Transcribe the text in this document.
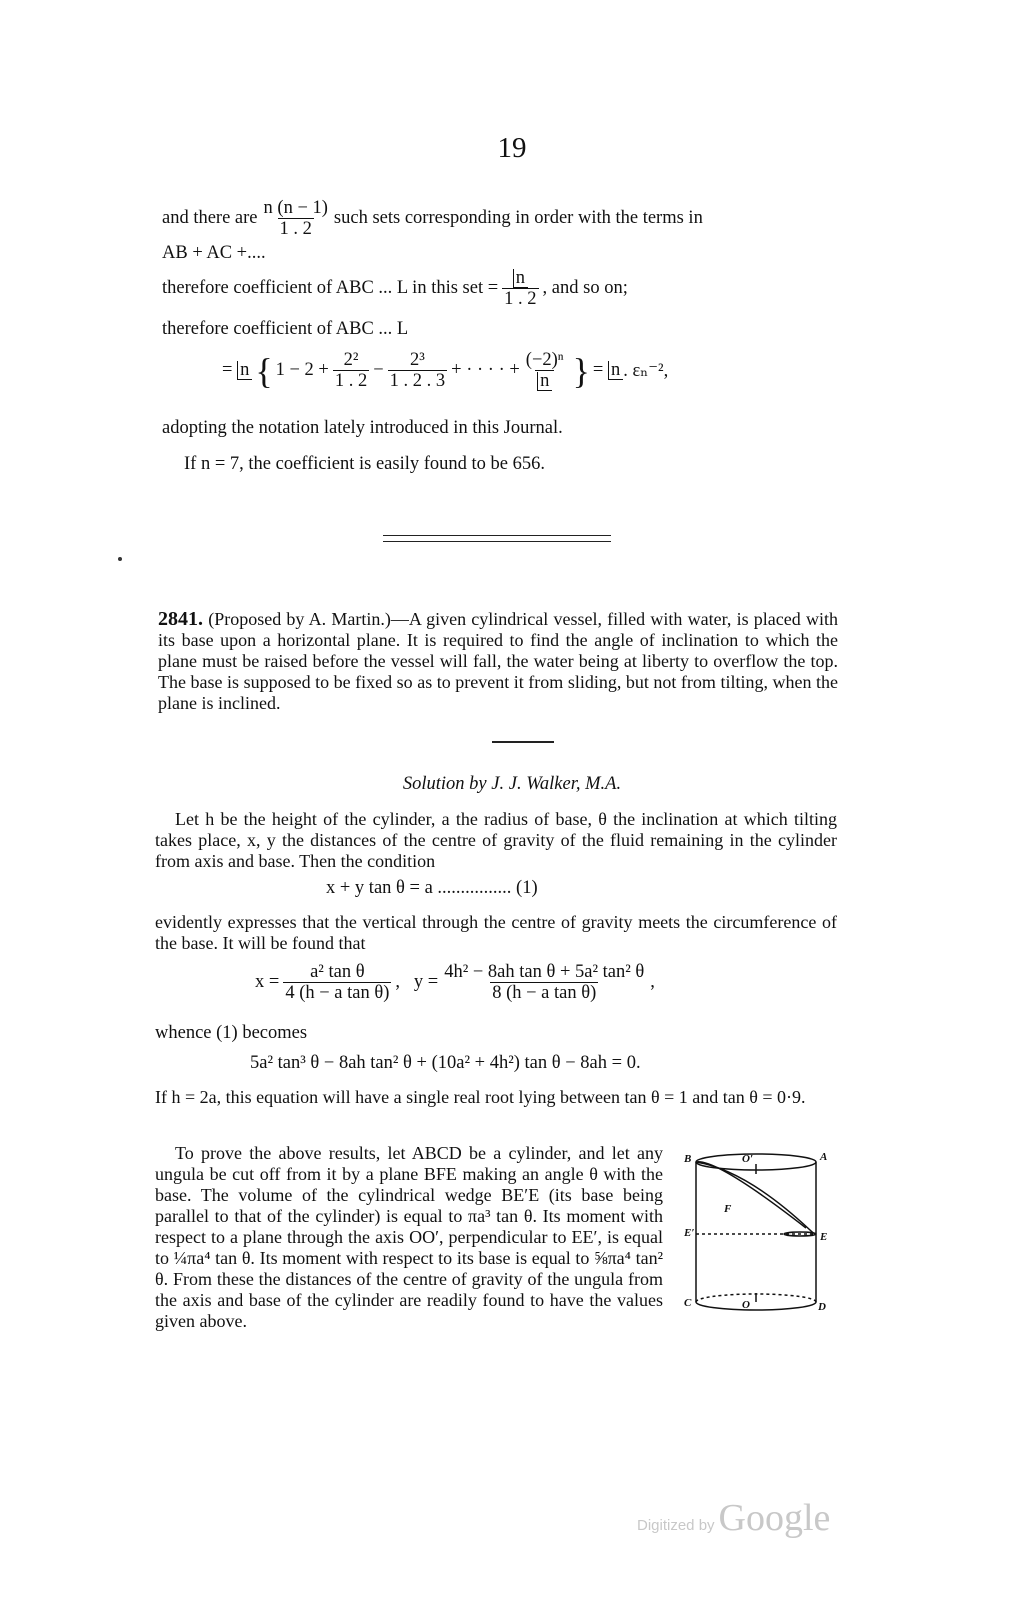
19
and there are $\frac{n (n - 1)}{1 . 2}$ such sets corresponding in order with the terms in
AB + AC +....
therefore coefficient of ABC ... L in this set = $\frac{n}{1 . 2}$ , and so on;
therefore coefficient of ABC ... L
=
n { $1 - 2 + \frac{\text{2²}}{1 . 2} - \frac{\text{2³}}{1 . 2 . 3}$ + · · · · + $\frac{\text{(−2)ⁿ}}{n}$ } =
n . εₙ⁻²,
adopting the notation lately introduced in this Journal.
If n = 7, the coefficient is easily found to be 656.
2841. (Proposed by A. Martin.)—A given cylindrical vessel, filled with water, is placed with its base upon a horizontal plane. It is required to find the angle of inclination to which the plane must be raised before the vessel will fall, the water being at liberty to overflow the top. The base is supposed to be fixed so as to prevent it from sliding, but not from tilting, when the plane is inclined.
Solution by J. J. Walker, M.A.
Let h be the height of the cylinder, a the radius of base, θ the inclination at which tilting takes place, x, y the distances of the centre of gravity of the fluid remaining in the cylinder from axis and base. Then the condition
x + y tan θ = a ................ (1)
evidently expresses that the vertical through the centre of gravity meets the circumference of the base. It will be found that
$x = \frac{\text{a² tan θ}}{\text{4 (h − a tan θ)}}$ ,
$y = \frac{\text{4h² − 8ah tan θ + 5a² tan² θ}}{\text{8 (h − a tan θ)}}$ ,
whence (1) becomes
5a² tan³ θ − 8ah tan² θ + (10a² + 4h²) tan θ − 8ah = 0.
If h = 2a, this equation will have a single real root lying between tan θ = 1 and tan θ = 0·9.
To prove the above results, let ABCD be a cylinder, and let any ungula be cut off from it by a plane BFE making an angle θ with the base. The volume of the cylindrical wedge BE′E (its base being parallel to that of the cylinder) is equal to πa³ tan θ. Its moment with respect to a plane through the axis OO′, perpendicular to EE′, is equal to ¼πa⁴ tan θ. Its moment with respect to its base is equal to ⅝πa⁴ tan² θ. From these the distances of the centre of gravity of the ungula from the axis and base of the cylinder are readily found to have the values given above.
B	O′	A
F
E′	E
C	O	D
Digitized by Google
